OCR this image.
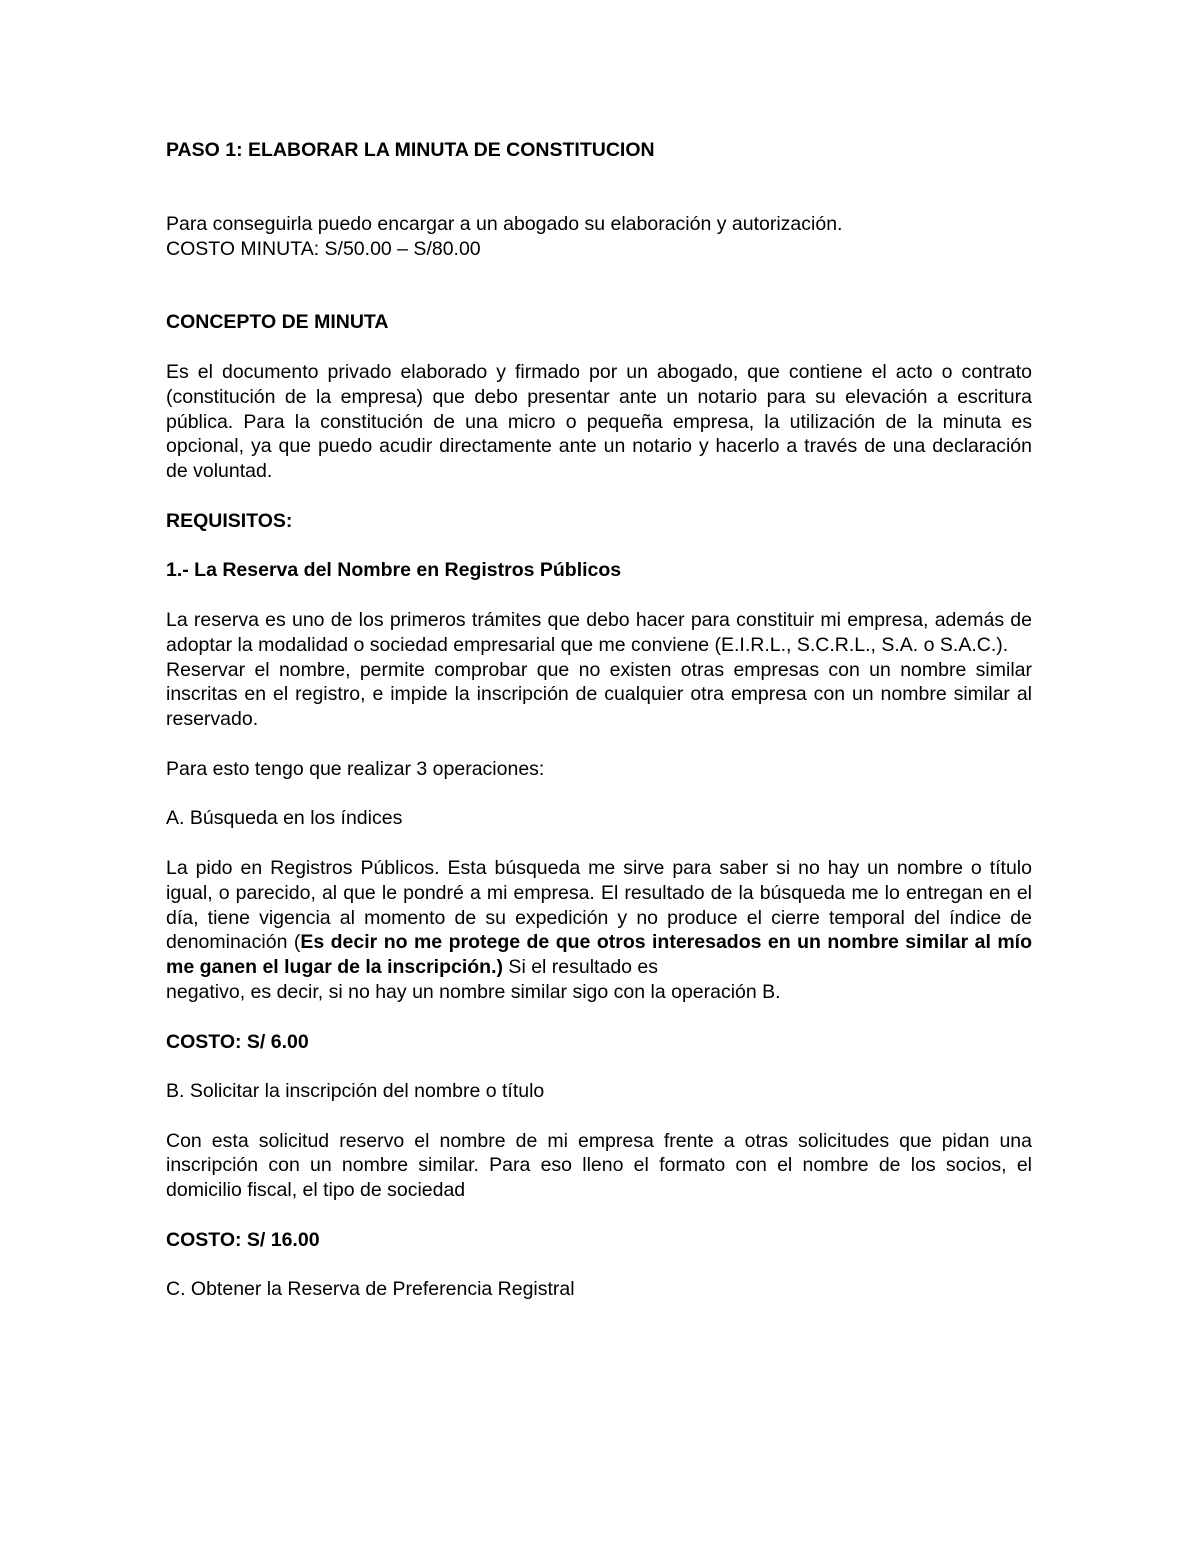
PASO 1: ELABORAR LA MINUTA DE CONSTITUCION

Para conseguirla puedo encargar a un abogado su elaboración y autorización.

COSTO MINUTA: S/50.00 – S/80.00

CONCEPTO DE MINUTA

Es el documento privado elaborado y firmado por un abogado, que contiene el acto o contrato (constitución de la empresa) que debo presentar ante un notario para su elevación a escritura pública. Para la constitución de una micro o pequeña empresa, la utilización de la minuta es opcional, ya que puedo acudir directamente ante un notario y hacerlo a través de una declaración de voluntad.

REQUISITOS:

1.- La Reserva del Nombre en Registros Públicos

La reserva es uno de los primeros trámites que debo hacer para constituir mi empresa, además de adoptar la modalidad o sociedad empresarial que me conviene (E.I.R.L., S.C.R.L., S.A. o S.A.C.).

Reservar el nombre, permite comprobar que no existen otras empresas con un nombre similar inscritas en el registro, e impide la inscripción de cualquier otra empresa con un nombre similar al reservado.

Para esto tengo que realizar 3 operaciones:

A. Búsqueda en los índices

La pido en Registros Públicos. Esta búsqueda me sirve para saber si no hay un nombre o título igual, o parecido, al que le pondré a mi empresa. El resultado de la búsqueda me lo entregan en el día, tiene vigencia al momento de su expedición y no produce el cierre temporal del índice de denominación (Es decir no me protege de que otros interesados en un nombre similar al mío me ganen el lugar de la inscripción.) Si el resultado es

negativo, es decir, si no hay un nombre similar sigo con la operación B.

COSTO: S/ 6.00

B. Solicitar la inscripción del nombre o título

Con esta solicitud reservo el nombre de mi empresa frente a otras solicitudes que pidan una inscripción con un nombre similar. Para eso lleno el formato con el nombre de los socios, el domicilio fiscal, el tipo de sociedad

COSTO: S/ 16.00

C. Obtener la Reserva de Preferencia Registral
